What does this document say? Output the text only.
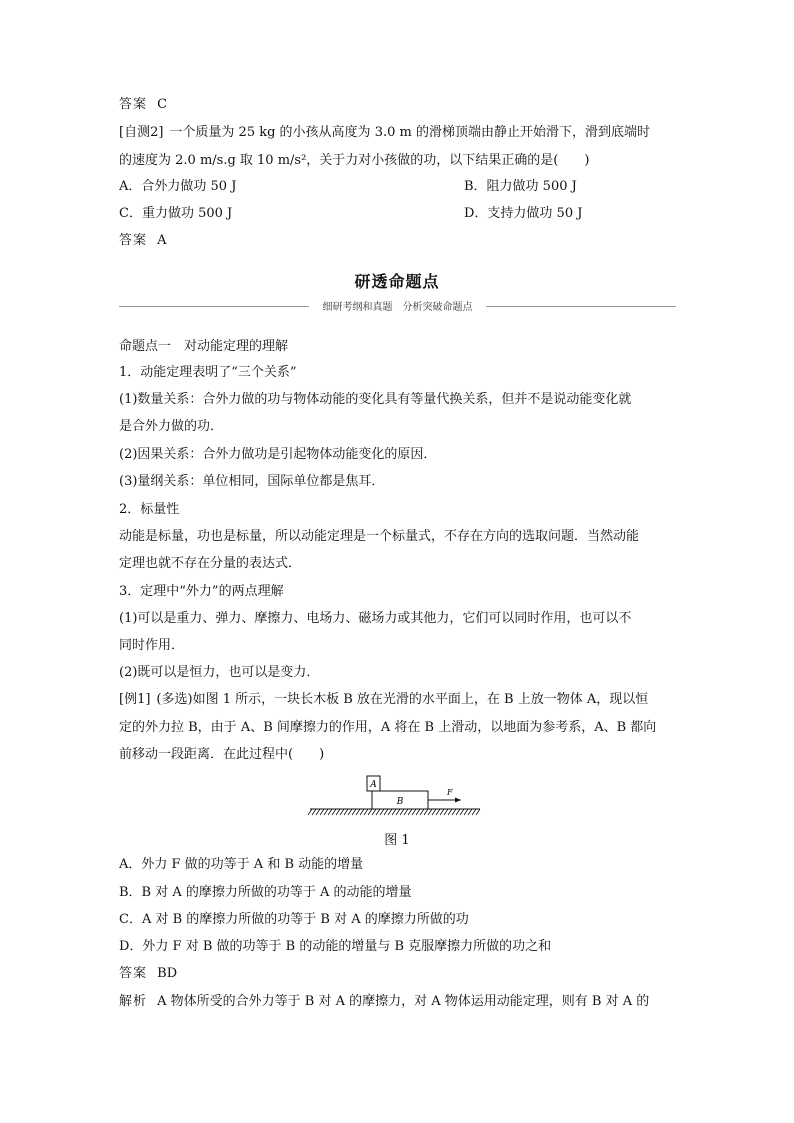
答案 C
[自测2] 一个质量为 25 kg 的小孩从高度为 3.0 m 的滑梯顶端由静止开始滑下，滑到底端时
的速度为 2.0 m/s.g 取 10 m/s²，关于力对小孩做的功，以下结果正确的是(　　)
A．合外力做功 50 J	B．阻力做功 500 J
C．重力做功 500 J	D．支持力做功 50 J
答案 A
研透命题点
细研考纲和真题　分析突破命题点
命题点一　对动能定理的理解
1．动能定理表明了“三个关系”
(1)数量关系：合外力做的功与物体动能的变化具有等量代换关系，但并不是说动能变化就
是合外力做的功．
(2)因果关系：合外力做功是引起物体动能变化的原因．
(3)量纲关系：单位相同，国际单位都是焦耳．
2．标量性
动能是标量，功也是标量，所以动能定理是一个标量式，不存在方向的选取问题．当然动能
定理也就不存在分量的表达式．
3．定理中“外力”的两点理解
(1)可以是重力、弹力、摩擦力、电场力、磁场力或其他力，它们可以同时作用，也可以不
同时作用．
(2)既可以是恒力，也可以是变力．
[例1] (多选)如图 1 所示，一块长木板 B 放在光滑的水平面上，在 B 上放一物体 A，现以恒
定的外力拉 B，由于 A、B 间摩擦力的作用，A 将在 B 上滑动，以地面为参考系，A、B 都向
前移动一段距离．在此过程中(　　)
A
B
F
图 1
A．外力 F 做的功等于 A 和 B 动能的增量
B．B 对 A 的摩擦力所做的功等于 A 的动能的增量
C．A 对 B 的摩擦力所做的功等于 B 对 A 的摩擦力所做的功
D．外力 F 对 B 做的功等于 B 的动能的增量与 B 克服摩擦力所做的功之和
答案 BD
解析 A 物体所受的合外力等于 B 对 A 的摩擦力，对 A 物体运用动能定理，则有 B 对 A 的
